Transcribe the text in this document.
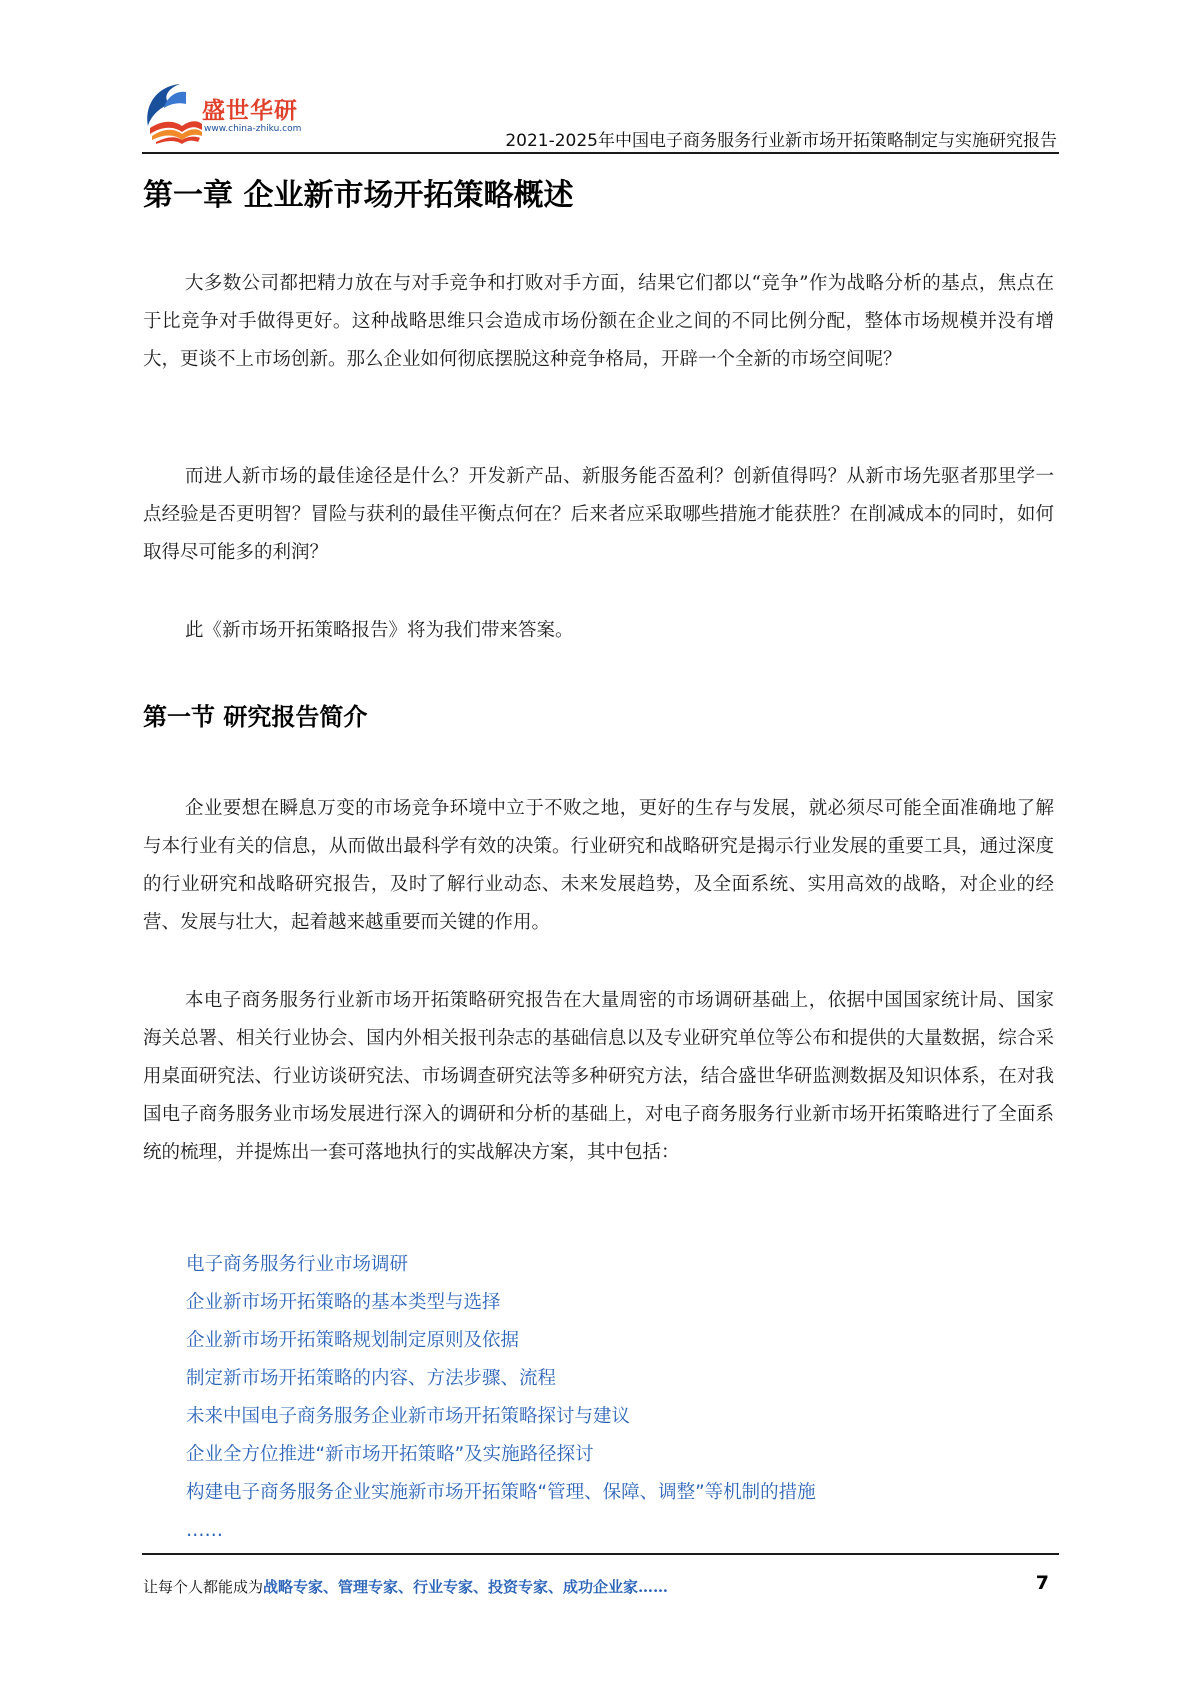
盛世华研
www.china-zhiku.com
2021-2025年中国电子商务服务行业新市场开拓策略制定与实施研究报告
第一章 企业新市场开拓策略概述

大多数公司都把精力放在与对手竞争和打败对手方面，结果它们都以“竞争”作为战略分析的基点，焦点在于比竞争对手做得更好。这种战略思维只会造成市场份额在企业之间的不同比例分配，整体市场规模并没有增大，更谈不上市场创新。那么企业如何彻底摆脱这种竞争格局，开辟一个全新的市场空间呢？

而进人新市场的最佳途径是什么？开发新产品、新服务能否盈利？创新值得吗？从新市场先驱者那里学一点经验是否更明智？冒险与获利的最佳平衡点何在？后来者应采取哪些措施才能获胜？在削减成本的同时，如何取得尽可能多的利润？

此《新市场开拓策略报告》将为我们带来答案。

第一节 研究报告简介

企业要想在瞬息万变的市场竞争环境中立于不败之地，更好的生存与发展，就必须尽可能全面准确地了解与本行业有关的信息，从而做出最科学有效的决策。行业研究和战略研究是揭示行业发展的重要工具，通过深度的行业研究和战略研究报告，及时了解行业动态、未来发展趋势，及全面系统、实用高效的战略，对企业的经营、发展与壮大，起着越来越重要而关键的作用。

本电子商务服务行业新市场开拓策略研究报告在大量周密的市场调研基础上，依据中国国家统计局、国家海关总署、相关行业协会、国内外相关报刊杂志的基础信息以及专业研究单位等公布和提供的大量数据，综合采用桌面研究法、行业访谈研究法、市场调查研究法等多种研究方法，结合盛世华研监测数据及知识体系，在对我国电子商务服务业市场发展进行深入的调研和分析的基础上，对电子商务服务行业新市场开拓策略进行了全面系统的梳理，并提炼出一套可落地执行的实战解决方案，其中包括：

电子商务服务行业市场调研
企业新市场开拓策略的基本类型与选择
企业新市场开拓策略规划制定原则及依据
制定新市场开拓策略的内容、方法步骤、流程
未来中国电子商务服务企业新市场开拓策略探讨与建议
企业全方位推进“新市场开拓策略”及实施路径探讨
构建电子商务服务企业实施新市场开拓策略“管理、保障、调整”等机制的措施
……
让每个人都能成为战略专家、管理专家、行业专家、投资专家、成功企业家……	7
